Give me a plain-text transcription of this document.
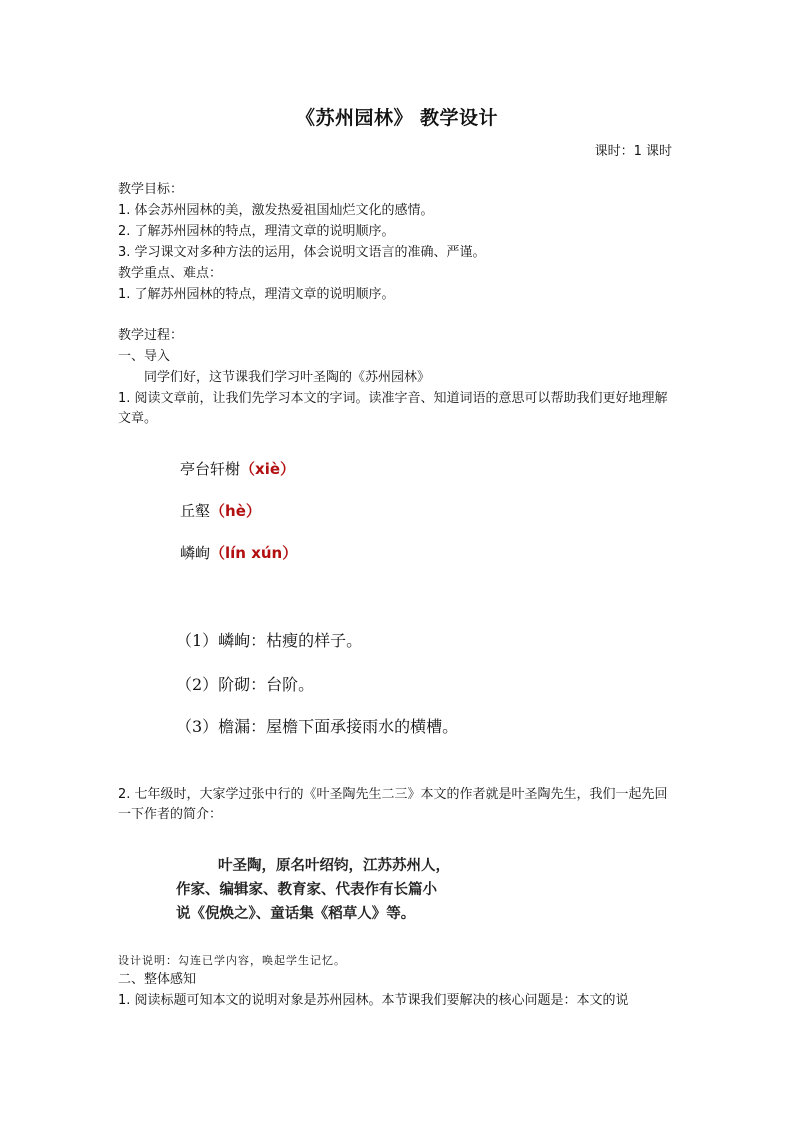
《苏州园林》 教学设计
课时：1 课时
教学目标：
1. 体会苏州园林的美，激发热爱祖国灿烂文化的感情。
2. 了解苏州园林的特点，理清文章的说明顺序。
3. 学习课文对多种方法的运用，体会说明文语言的准确、严谨。
教学重点、难点：
1. 了解苏州园林的特点，理清文章的说明顺序。
教学过程：
一、导入
同学们好，这节课我们学习叶圣陶的《苏州园林》
1. 阅读文章前，让我们先学习本文的字词。读准字音、知道词语的意思可以帮助我们更好地理解文章。
亭台轩榭（xiè）
丘壑（hè）
嶙峋（lín xún）
（1）嶙峋：枯瘦的样子。
（2）阶砌：台阶。
（3）檐漏：屋檐下面承接雨水的横槽。
2. 七年级时，大家学过张中行的《叶圣陶先生二三》本文的作者就是叶圣陶先生，我们一起先回一下作者的简介：
叶圣陶，原名叶绍钧，江苏苏州人，
作家、编辑家、教育家、代表作有长篇小
说《倪焕之》、童话集《稻草人》等。
设计说明：勾连已学内容，唤起学生记忆。
二、整体感知
1. 阅读标题可知本文的说明对象是苏州园林。本节课我们要解决的核心问题是：本文的说
